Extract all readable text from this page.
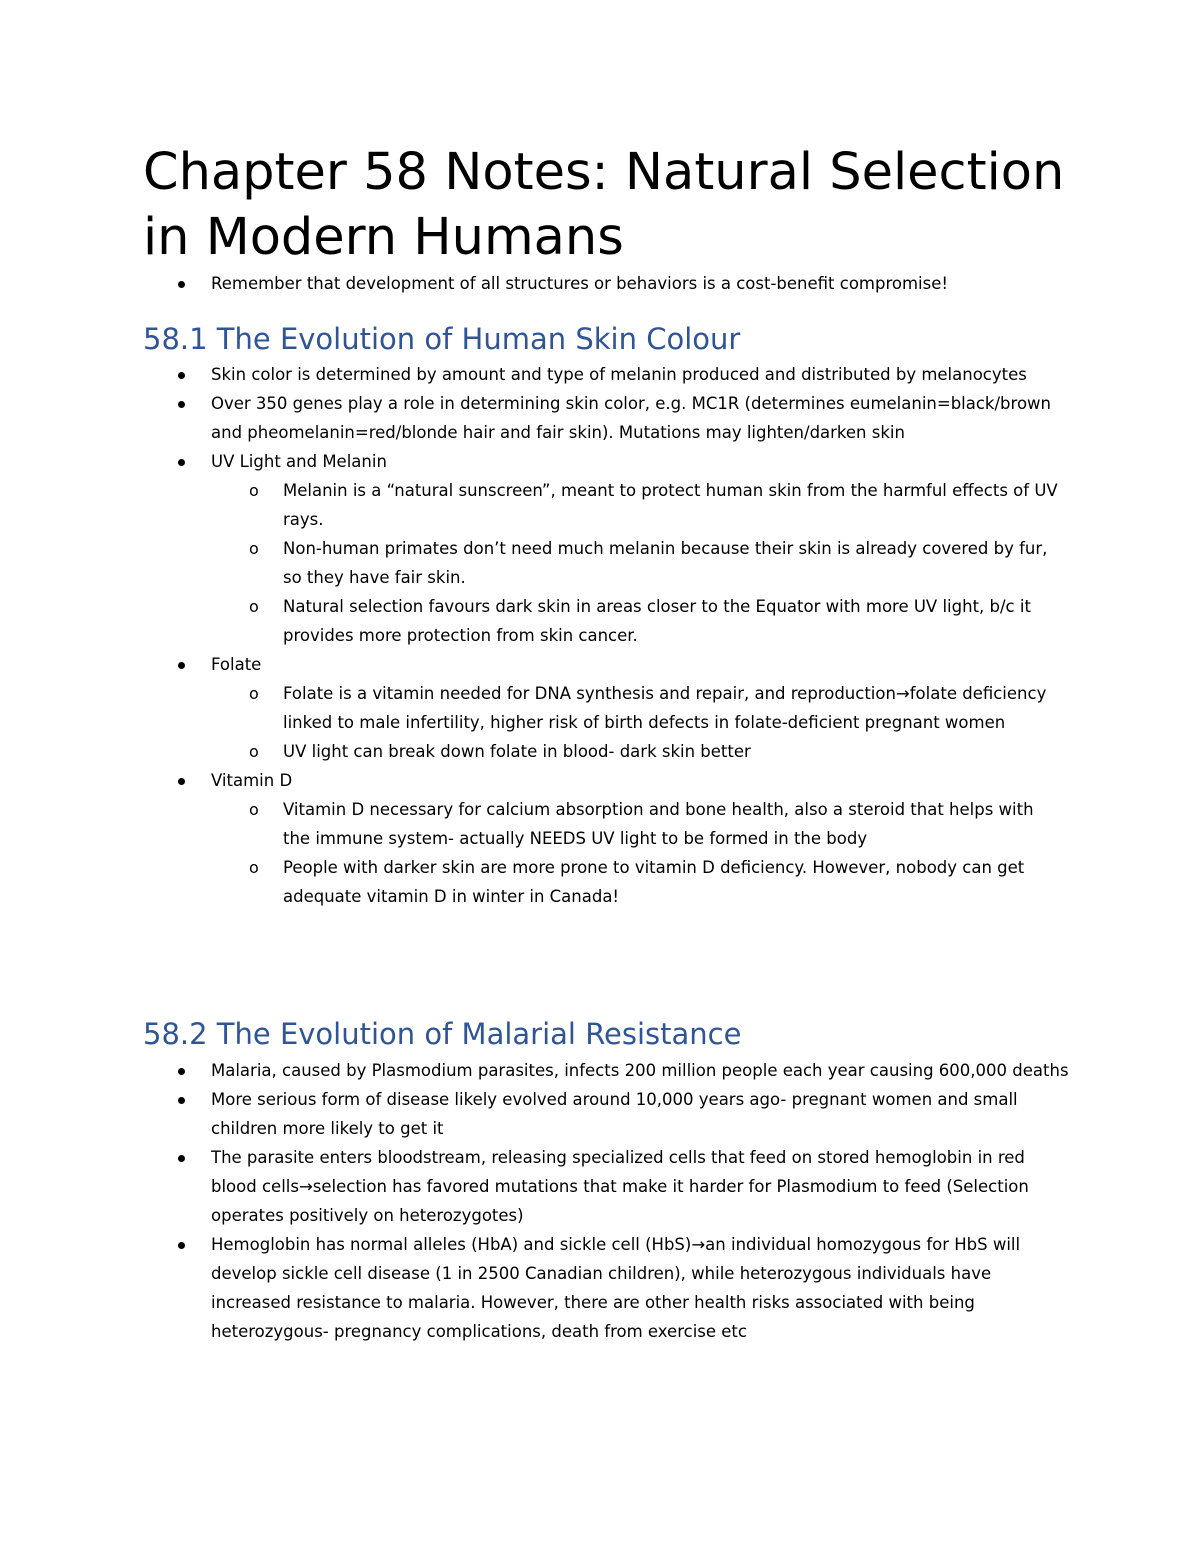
Chapter 58 Notes: Natural Selection in Modern Humans
Remember that development of all structures or behaviors is a cost-benefit compromise!
58.1 The Evolution of Human Skin Colour
Skin color is determined by amount and type of melanin produced and distributed by melanocytes
Over 350 genes play a role in determining skin color, e.g. MC1R (determines eumelanin=black/brown and pheomelanin=red/blonde hair and fair skin). Mutations may lighten/darken skin
UV Light and Melanin
o Melanin is a “natural sunscreen”, meant to protect human skin from the harmful effects of UV rays.
o Non-human primates don’t need much melanin because their skin is already covered by fur, so they have fair skin.
o Natural selection favours dark skin in areas closer to the Equator with more UV light, b/c it provides more protection from skin cancer.
Folate
o Folate is a vitamin needed for DNA synthesis and repair, and reproduction→folate deficiency linked to male infertility, higher risk of birth defects in folate-deficient pregnant women
o UV light can break down folate in blood- dark skin better
Vitamin D
o Vitamin D necessary for calcium absorption and bone health, also a steroid that helps with the immune system- actually NEEDS UV light to be formed in the body
o People with darker skin are more prone to vitamin D deficiency. However, nobody can get adequate vitamin D in winter in Canada!
58.2 The Evolution of Malarial Resistance
Malaria, caused by Plasmodium parasites, infects 200 million people each year causing 600,000 deaths
More serious form of disease likely evolved around 10,000 years ago- pregnant women and small children more likely to get it
The parasite enters bloodstream, releasing specialized cells that feed on stored hemoglobin in red blood cells→selection has favored mutations that make it harder for Plasmodium to feed (Selection operates positively on heterozygotes)
Hemoglobin has normal alleles (HbA) and sickle cell (HbS)→an individual homozygous for HbS will develop sickle cell disease (1 in 2500 Canadian children), while heterozygous individuals have increased resistance to malaria. However, there are other health risks associated with being heterozygous- pregnancy complications, death from exercise etc
